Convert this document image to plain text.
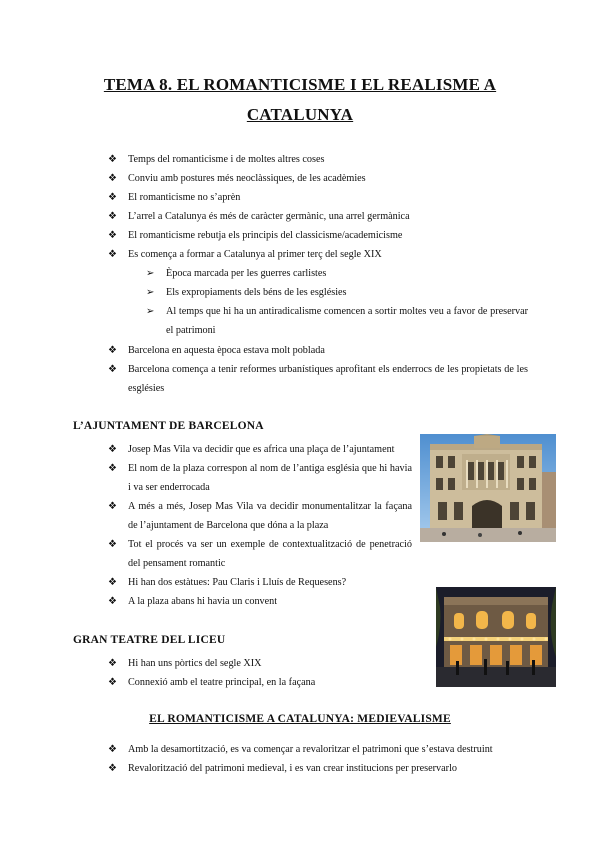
TEMA 8. EL ROMANTICISME I EL REALISME A
CATALUNYA
❖	Temps del romanticisme i de moltes altres coses
❖	Conviu amb postures més neoclàssiques, de les acadèmies
❖	El romanticisme no s’aprèn
❖	L’arrel a Catalunya és més de caràcter germànic, una arrel germànica
❖	El romanticisme rebutja els principis del classicisme/academicisme
❖	Es comença a formar a Catalunya al primer terç del segle XIX
➢	Època marcada per les guerres carlistes
➢	Els expropiaments dels béns de les esglésies
➢	Al temps que hi ha un antiradicalisme comencen a sortir moltes veu a favor de preservar el patrimoni
❖	Barcelona en aquesta època estava molt poblada
❖	Barcelona comença a tenir reformes urbanístiques aprofitant els enderrocs de les propietats de les esglésies
L’AJUNTAMENT DE BARCELONA
❖	Josep Mas Vila va decidir que es africa una plaça de l’ajuntament
❖	El nom de la plaza correspon al nom de l’antiga església que hi havia i va ser enderrocada
❖	A més a més, Josep Mas Vila va decidir monumentalitzar la façana de l’ajuntament de Barcelona que dóna a la plaza
❖	Tot el procés va ser un exemple de contextualització de penetració del pensament romantic
❖	Hi han dos estàtues: Pau Claris i Lluís de Requesens?
❖	A la plaza abans hi havia un convent
GRAN TEATRE DEL LICEU
❖	Hi han uns pòrtics del segle XIX
❖	Connexió amb el teatre principal, en la façana
EL ROMANTICISME A CATALUNYA: MEDIEVALISME
❖	Amb la desamortització, es va començar a revaloritzar el patrimoni que s’estava destruint
❖	Revalorització del patrimoni medieval, i es van crear institucions per preservarlo
